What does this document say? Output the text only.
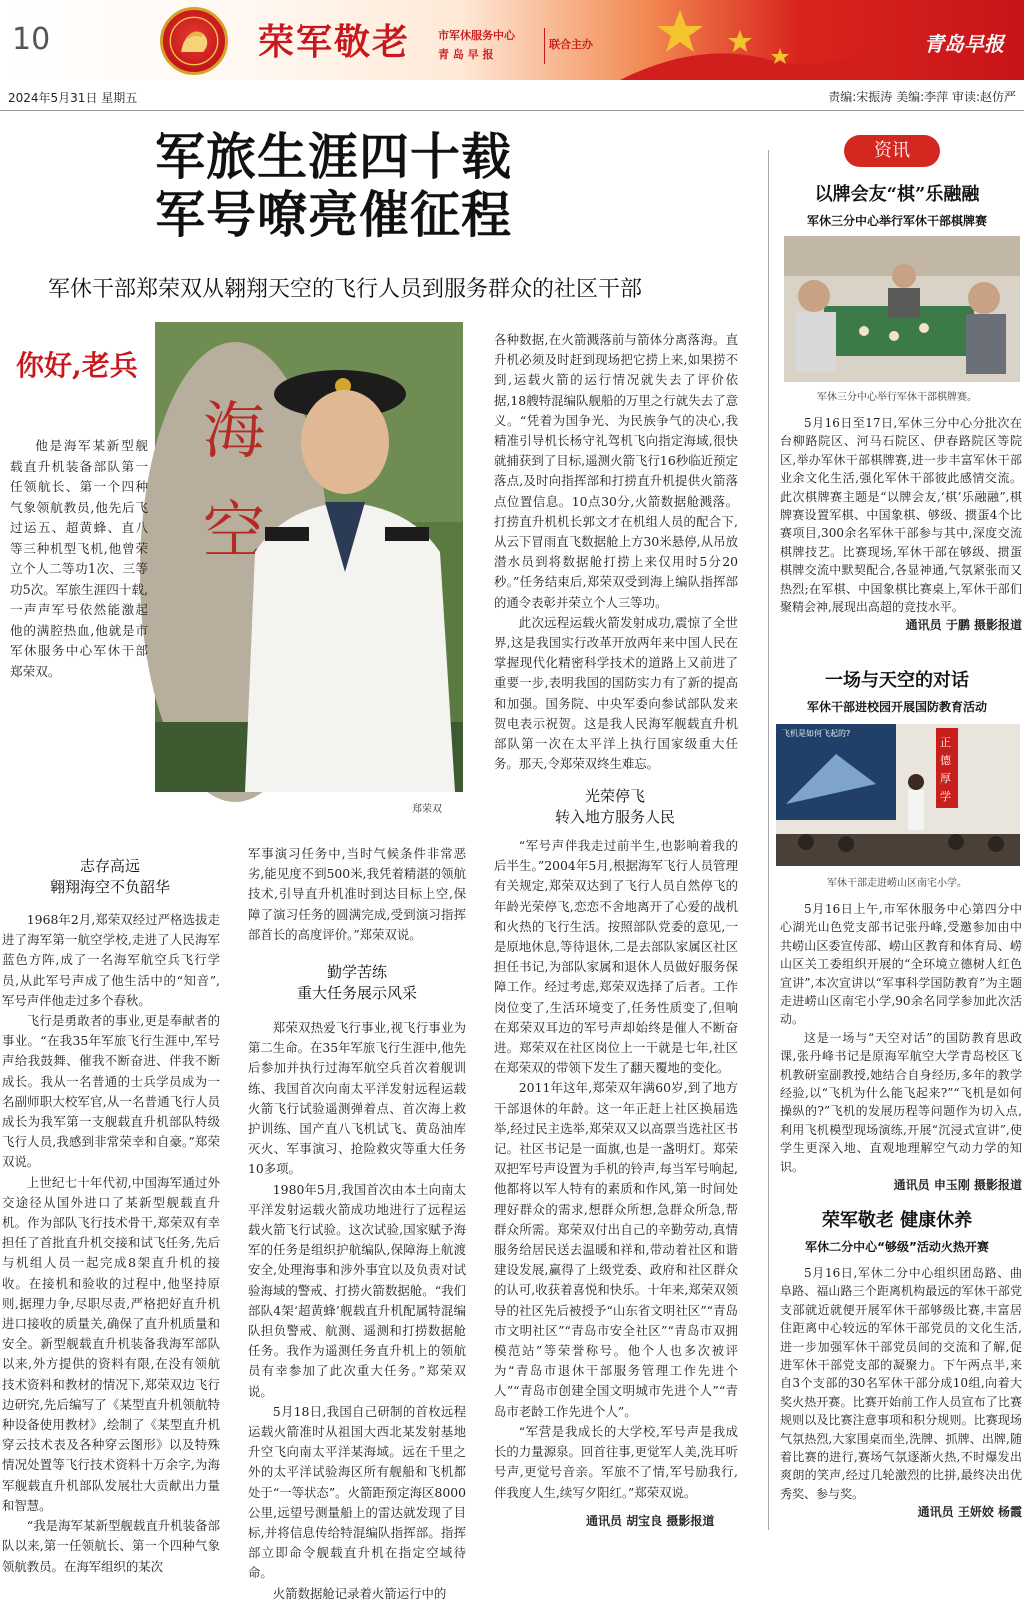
10	荣军敬老	市军休服务中心
青 岛 早 报
联合主办	青岛早报
2024年5月31日 星期五	责编:宋振涛 美编:李萍 审读:赵仿严
军旅生涯四十载
军号嘹亮催征程
军休干部郑荣双从翱翔天空的飞行人员到服务群众的社区干部
你好,老兵
海
空
郑荣双

他是海军某新型舰载直升机装备部队第一任领航长、第一个四种气象领航教员,他先后飞过运五、超黄蜂、直八等三种机型飞机,他曾荣立个人二等功1次、三等功5次。军旅生涯四十载,一声声军号依然能激起他的满腔热血,他就是市军休服务中心军休干部郑荣双。

志存高远
翱翔海空不负韶华

1968年2月,郑荣双经过严格选拔走进了海军第一航空学校,走进了人民海军蓝色方阵,成了一名海军航空兵飞行学员,从此军号声成了他生活中的“知音”,军号声伴他走过多个春秋。

飞行是勇敢者的事业,更是奉献者的事业。“在我35年军旅飞行生涯中,军号声给我鼓舞、催我不断奋进、伴我不断成长。我从一名普通的士兵学员成为一名副师职大校军官,从一名普通飞行人员成长为我军第一支舰载直升机部队特级飞行人员,我感到非常荣幸和自豪。”郑荣双说。

上世纪七十年代初,中国海军通过外交途径从国外进口了某新型舰载直升机。作为部队飞行技术骨干,郑荣双有幸担任了首批直升机交接和试飞任务,先后与机组人员一起完成8架直升机的接收。在接机和验收的过程中,他坚持原则,据理力争,尽职尽责,严格把好直升机进口接收的质量关,确保了直升机质量和安全。新型舰载直升机装备我海军部队以来,外方提供的资料有限,在没有领航技术资料和教材的情况下,郑荣双边飞行边研究,先后编写了《某型直升机领航特种设备使用教材》,绘制了《某型直升机穿云技术表及各种穿云图形》以及特殊情况处置等飞行技术资料十万余字,为海军舰载直升机部队发展壮大贡献出力量和智慧。

“我是海军某新型舰载直升机装备部队以来,第一任领航长、第一个四种气象领航教员。在海军组织的某次

军事演习任务中,当时气候条件非常恶劣,能见度不到500米,我凭着精湛的领航技术,引导直升机准时到达目标上空,保障了演习任务的圆满完成,受到演习指挥部首长的高度评价。”郑荣双说。

勤学苦练
重大任务展示风采

郑荣双热爱飞行事业,视飞行事业为第二生命。在35年军旅飞行生涯中,他先后参加并执行过海军航空兵首次着舰训练、我国首次向南太平洋发射远程运载火箭飞行试验遥测弹着点、首次海上救护训练、国产直八飞机试飞、黄岛油库灭火、军事演习、抢险救灾等重大任务10多项。

1980年5月,我国首次由本土向南太平洋发射运载火箭成功地进行了远程运载火箭飞行试验。这次试验,国家赋予海军的任务是组织护航编队,保障海上航渡安全,处理海事和涉外事宜以及负责对试验海域的警戒、打捞火箭数据舱。“我们部队4架‘超黄蜂’舰载直升机配属特混编队担负警戒、航测、遥测和打捞数据舱任务。我作为遥测任务直升机上的领航员有幸参加了此次重大任务。”郑荣双说。

5月18日,我国自己研制的首枚远程运载火箭准时从祖国大西北某发射基地升空飞向南太平洋某海域。远在千里之外的太平洋试验海区所有舰船和飞机都处于“一等状态”。火箭距预定海区8000公里,远望号测量船上的雷达就发现了目标,并将信息传给特混编队指挥部。指挥部立即命令舰载直升机在指定空域待命。

火箭数据舱记录着火箭运行中的

各种数据,在火箭溅落前与箭体分离落海。直升机必须及时赶到现场把它捞上来,如果捞不到,运载火箭的运行情况就失去了评价依据,18艘特混编队舰船的万里之行就失去了意义。“凭着为国争光、为民族争气的决心,我精准引导机长杨守礼驾机飞向指定海域,很快就捕获到了目标,遥测火箭飞行16秒临近预定落点,及时向指挥部和打捞直升机提供火箭落点位置信息。10点30分,火箭数据舱溅落。打捞直升机机长郭文才在机组人员的配合下,从云下冒雨直飞数据舱上方30米悬停,从吊放潜水员到将数据舱打捞上来仅用时5分20秒。”任务结束后,郑荣双受到海上编队指挥部的通令表彰并荣立个人三等功。

此次远程运载火箭发射成功,震惊了全世界,这是我国实行改革开放两年来中国人民在掌握现代化精密科学技术的道路上又前进了重要一步,表明我国的国防实力有了新的提高和加强。国务院、中央军委向参试部队发来贺电表示祝贺。这是我人民海军舰载直升机部队第一次在太平洋上执行国家级重大任务。那天,令郑荣双终生难忘。

光荣停飞
转入地方服务人民

“军号声伴我走过前半生,也影响着我的后半生。”2004年5月,根据海军飞行人员管理有关规定,郑荣双达到了飞行人员自然停飞的年龄光荣停飞,恋恋不舍地离开了心爱的战机和火热的飞行生活。按照部队党委的意见,一是原地休息,等待退休,二是去部队家属区社区担任书记,为部队家属和退休人员做好服务保障工作。经过考虑,郑荣双选择了后者。工作岗位变了,生活环境变了,任务性质变了,但响在郑荣双耳边的军号声却始终是催人不断奋进。郑荣双在社区岗位上一干就是七年,社区在郑荣双的带领下发生了翻天覆地的变化。

2011年这年,郑荣双年满60岁,到了地方干部退休的年龄。这一年正赶上社区换届选举,经过民主选举,郑荣双又以高票当选社区书记。社区书记是一面旗,也是一盏明灯。郑荣双把军号声设置为手机的铃声,每当军号响起,他都将以军人特有的素质和作风,第一时间处理好群众的需求,想群众所想,急群众所急,帮群众所需。郑荣双付出自己的辛勤劳动,真情服务给居民送去温暖和祥和,带动着社区和谐建设发展,赢得了上级党委、政府和社区群众的认可,收获着喜悦和快乐。十年来,郑荣双领导的社区先后被授予“山东省文明社区”“青岛市文明社区”“青岛市安全社区”“青岛市双拥模范站”等荣誉称号。他个人也多次被评为“青岛市退休干部服务管理工作先进个人”“青岛市创建全国文明城市先进个人”“青岛市老龄工作先进个人”。

“军营是我成长的大学校,军号声是我成长的力量源泉。回首往事,更觉军人美,洗耳听号声,更觉号音亲。军旅不了情,军号励我行,伴我度人生,续写夕阳红。”郑荣双说。

通讯员 胡宝良 摄影报道
资讯
以牌会友“棋”乐融融
军休三分中心举行军休干部棋牌赛
军休三分中心举行军休干部棋牌赛。

5月16日至17日,军休三分中心分批次在台柳路院区、河马石院区、伊春路院区等院区,举办军休干部棋牌赛,进一步丰富军休干部业余文化生活,强化军休干部彼此感情交流。此次棋牌赛主题是“以牌会友,‘棋’乐融融”,棋牌赛设置军棋、中国象棋、够级、掼蛋4个比赛项目,300余名军休干部参与其中,深度交流棋牌技艺。比赛现场,军休干部在够级、掼蛋棋牌交流中默契配合,各显神通,气氛紧张而又热烈;在军棋、中国象棋比赛桌上,军休干部们聚精会神,展现出高超的竞技水平。

通讯员 于鹏 摄影报道
一场与天空的对话
军休干部进校园开展国防教育活动
飞机是如何飞起的?
正
德
厚
学
军休干部走进崂山区南宅小学。

5月16日上午,市军休服务中心第四分中心湖光山色党支部书记张丹峰,受邀参加由中共崂山区委宣传部、崂山区教育和体育局、崂山区关工委组织开展的“全环境立德树人红色宣讲”,本次宣讲以“军事科学国防教育”为主题走进崂山区南宅小学,90余名同学参加此次活动。

这是一场与“天空对话”的国防教育思政课,张丹峰书记是原海军航空大学青岛校区飞机教研室副教授,她结合自身经历,多年的教学经验,以“飞机为什么能飞起来?”“飞机是如何操纵的?”飞机的发展历程等问题作为切入点,利用飞机模型现场演练,开展“沉浸式宣讲”,使学生更深入地、直观地理解空气动力学的知识。

通讯员 申玉刚 摄影报道
荣军敬老 健康休养
军休二分中心“够级”活动火热开赛

5月16日,军休二分中心组织团岛路、曲阜路、福山路三个距离机构最远的军休干部党支部就近就便开展军休干部够级比赛,丰富居住距离中心较远的军休干部党员的文化生活,进一步加强军休干部党员间的交流和了解,促进军休干部党支部的凝聚力。下午两点半,来自3个支部的30名军休干部分成10组,向着大奖火热开赛。比赛开始前工作人员宣布了比赛规则以及比赛注意事项和积分规则。比赛现场气氛热烈,大家围桌而坐,洗牌、抓牌、出牌,随着比赛的进行,赛场气氛逐渐火热,不时爆发出爽朗的笑声,经过几轮激烈的比拼,最终决出优秀奖、参与奖。

通讯员 王妍姣 杨霞
